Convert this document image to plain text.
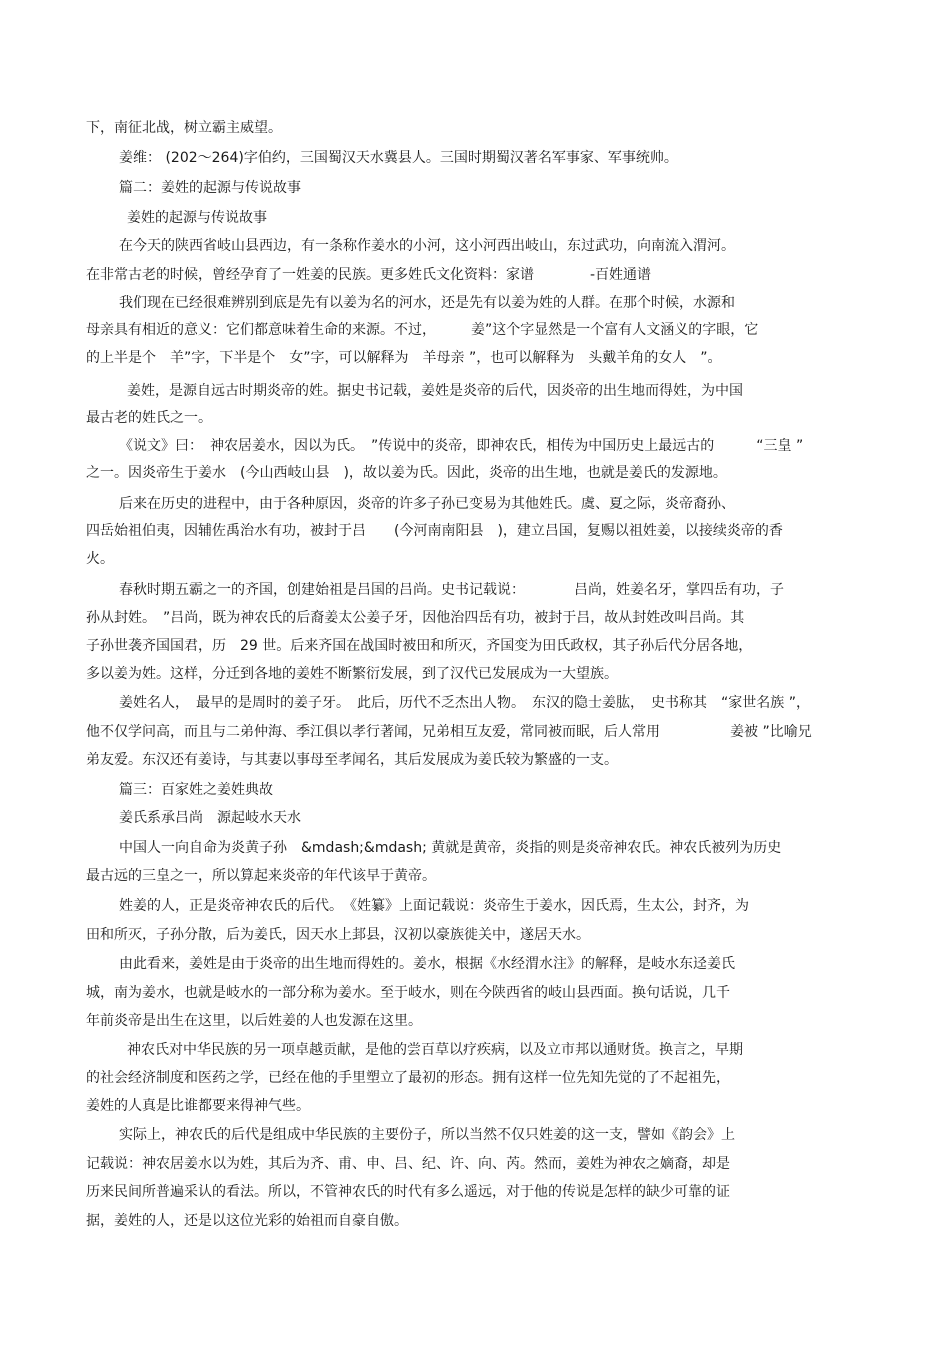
下，南征北战，树立霸主威望。
姜维： (202～264)字伯约，三国蜀汉天水冀县人。三国时期蜀汉著名军事家、军事统帅。
篇二：姜姓的起源与传说故事
姜姓的起源与传说故事
在今天的陕西省岐山县西边，有一条称作姜水的小河，这小河西出岐山，东过武功，向南流入渭河。
在非常古老的时候，曾经孕育了一姓姜的民族。更多姓氏文化资料：家谱　　　　-百姓通谱
我们现在已经很难辨别到底是先有以姜为名的河水，还是先有以姜为姓的人群。在那个时候，水源和
母亲具有相近的意义：它们都意味着生命的来源。不过，　　　姜”这个字显然是一个富有人文涵义的字眼，它
的上半是个　羊”字，下半是个　女”字，可以解释为　羊母亲 ”，也可以解释为　头戴羊角的女人　”。
姜姓，是源自远古时期炎帝的姓。据史书记载，姜姓是炎帝的后代，因炎帝的出生地而得姓，为中国
最古老的姓氏之一。
《说文》曰：　神农居姜水，因以为氏。　”传说中的炎帝，即神农氏，相传为中国历史上最远古的　　　“三皇 ”
之一。因炎帝生于姜水　(今山西岐山县　)，故以姜为氏。因此，炎帝的出生地，也就是姜氏的发源地。
后来在历史的进程中，由于各种原因，炎帝的许多子孙已变易为其他姓氏。虞、夏之际，炎帝裔孙、
四岳始祖伯夷，因辅佐禹治水有功，被封于吕　　(今河南南阳县　)，建立吕国，复赐以祖姓姜，以接续炎帝的香
火。
春秋时期五霸之一的齐国，创建始祖是吕国的吕尚。史书记载说：　　　　吕尚，姓姜名牙，掌四岳有功，子
孙从封姓。　”吕尚，既为神农氏的后裔姜太公姜子牙，因他治四岳有功，被封于吕，故从封姓改叫吕尚。其
子孙世袭齐国国君，历　29 世。后来齐国在战国时被田和所灭，齐国变为田氏政权，其子孙后代分居各地，
多以姜为姓。这样，分迁到各地的姜姓不断繁衍发展，到了汉代已发展成为一大望族。
姜姓名人，　最早的是周时的姜子牙。　此后，历代不乏杰出人物。　东汉的隐士姜肱，　史书称其　“家世名族 ”，
他不仅学问高，而且与二弟仲海、季江俱以孝行著闻，兄弟相互友爱，常同被而眠，后人常用　　　　　姜被 ”比喻兄
弟友爱。东汉还有姜诗，与其妻以事母至孝闻名，其后发展成为姜氏较为繁盛的一支。
篇三：百家姓之姜姓典故
姜氏系承吕尚　源起岐水天水
中国人一向自命为炎黄子孙　&mdash;&mdash; 黄就是黄帝，炎指的则是炎帝神农氏。神农氏被列为历史
最古远的三皇之一，所以算起来炎帝的年代该早于黄帝。
姓姜的人，正是炎帝神农氏的后代。　《姓纂》上面记载说：炎帝生于姜水，因氏焉，生太公，封齐，为
田和所灭，子孙分散，后为姜氏，因天水上邽县，汉初以豪族徙关中，遂居天水。
由此看来，姜姓是由于炎帝的出生地而得姓的。姜水，根据《水经渭水注》的解释，是岐水东迳姜氏
城，南为姜水，也就是岐水的一部分称为姜水。至于岐水，则在今陕西省的岐山县西面。换句话说，几千
年前炎帝是出生在这里，以后姓姜的人也发源在这里。
神农氏对中华民族的另一项卓越贡献，是他的尝百草以疗疾病，以及立市邦以通财货。换言之，早期
的社会经济制度和医药之学，已经在他的手里塑立了最初的形态。拥有这样一位先知先觉的了不起祖先，
姜姓的人真是比谁都要来得神气些。
实际上，神农氏的后代是组成中华民族的主要份子，所以当然不仅只姓姜的这一支，譬如《韵会》上
记载说：神农居姜水以为姓，其后为齐、甫、申、吕、纪、许、向、芮。然而，姜姓为神农之嫡裔，却是
历来民间所普遍采认的看法。所以，不管神农氏的时代有多么遥远，对于他的传说是怎样的缺少可靠的证
据，姜姓的人，还是以这位光彩的始祖而自豪自傲。
